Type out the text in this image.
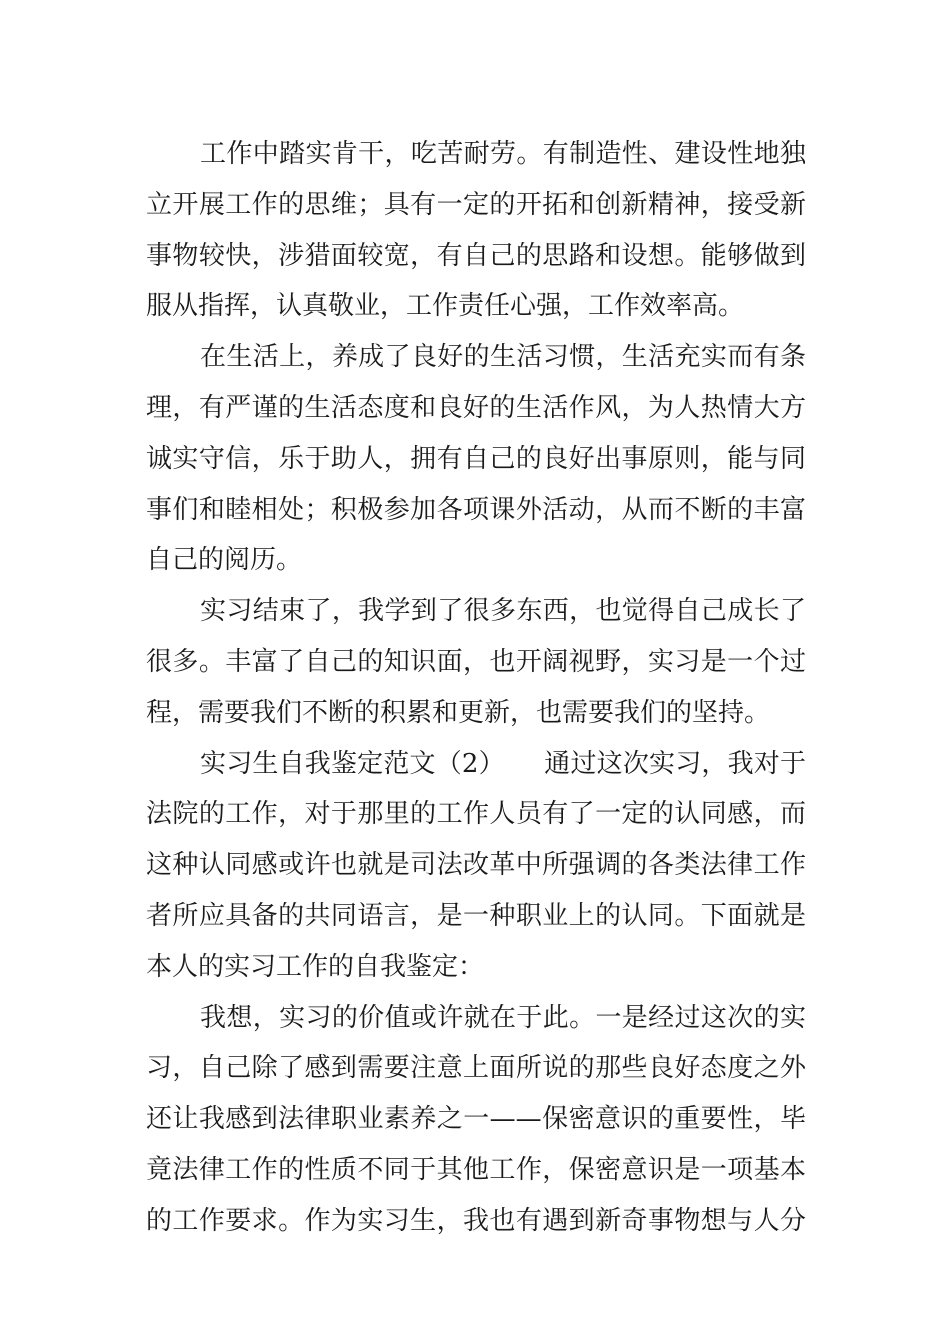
工作中踏实肯干，吃苦耐劳。有制造性、建设性地独
立开展工作的思维；具有一定的开拓和创新精神，接受新
事物较快，涉猎面较宽，有自己的思路和设想。能够做到
服从指挥，认真敬业，工作责任心强，工作效率高。
在生活上，养成了良好的生活习惯，生活充实而有条
理，有严谨的生活态度和良好的生活作风，为人热情大方
诚实守信，乐于助人，拥有自己的良好出事原则，能与同
事们和睦相处；积极参加各项课外活动，从而不断的丰富
自己的阅历。
实习结束了，我学到了很多东西，也觉得自己成长了
很多。丰富了自己的知识面，也开阔视野，实习是一个过
程，需要我们不断的积累和更新，也需要我们的坚持。
实习生自我鉴定范文（2）　　通过这次实习，我对于
法院的工作，对于那里的工作人员有了一定的认同感，而
这种认同感或许也就是司法改革中所强调的各类法律工作
者所应具备的共同语言，是一种职业上的认同。下面就是
本人的实习工作的自我鉴定：
我想，实习的价值或许就在于此。一是经过这次的实
习，自己除了感到需要注意上面所说的那些良好态度之外
还让我感到法律职业素养之一——保密意识的重要性，毕
竟法律工作的性质不同于其他工作，保密意识是一项基本
的工作要求。作为实习生，我也有遇到新奇事物想与人分
